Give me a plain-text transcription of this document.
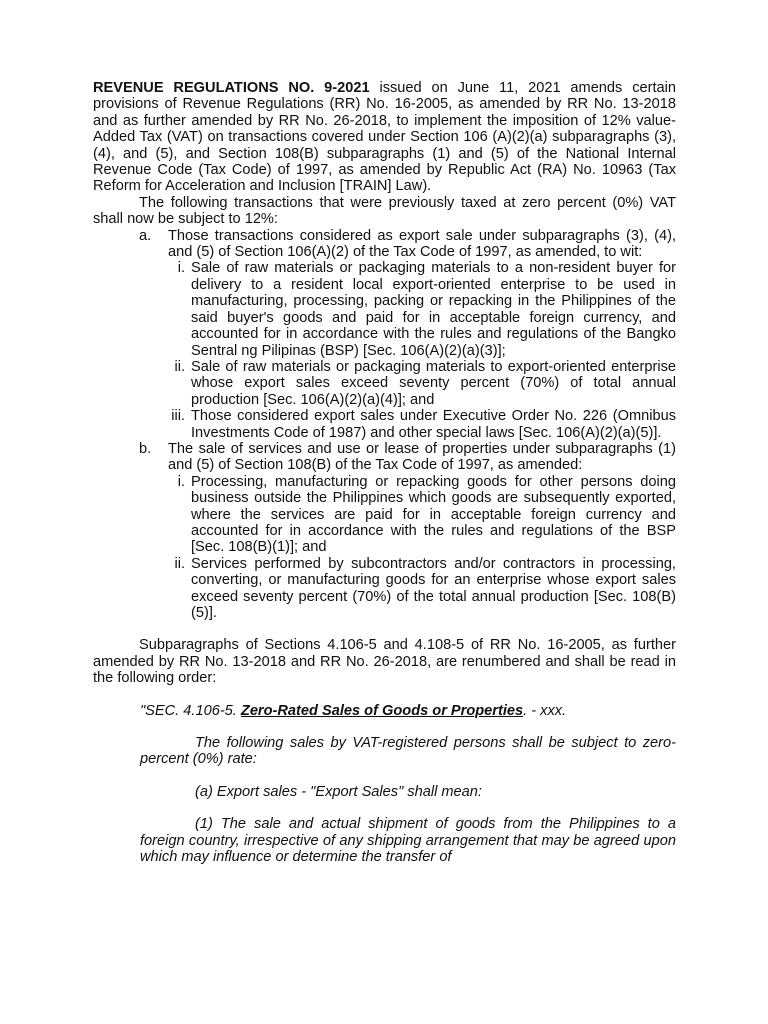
REVENUE REGULATIONS NO. 9-2021 issued on June 11, 2021 amends certain provisions of Revenue Regulations (RR) No. 16-2005, as amended by RR No. 13-2018 and as further amended by RR No. 26-2018, to implement the imposition of 12% value-Added Tax (VAT) on transactions covered under Section 106 (A)(2)(a) subparagraphs (3), (4), and (5), and Section 108(B) subparagraphs (1) and (5) of the National Internal Revenue Code (Tax Code) of 1997, as amended by Republic Act (RA) No. 10963 (Tax Reform for Acceleration and Inclusion [TRAIN] Law).

The following transactions that were previously taxed at zero percent (0%) VAT shall now be subject to 12%:

a. Those transactions considered as export sale under subparagraphs (3), (4), and (5) of Section 106(A)(2) of the Tax Code of 1997, as amended, to wit:
i. Sale of raw materials or packaging materials to a non-resident buyer for delivery to a resident local export-oriented enterprise to be used in manufacturing, processing, packing or repacking in the Philippines of the said buyer's goods and paid for in acceptable foreign currency, and accounted for in accordance with the rules and regulations of the Bangko Sentral ng Pilipinas (BSP) [Sec. 106(A)(2)(a)(3)];
ii. Sale of raw materials or packaging materials to export-oriented enterprise whose export sales exceed seventy percent (70%) of total annual production [Sec. 106(A)(2)(a)(4)]; and
iii. Those considered export sales under Executive Order No. 226 (Omnibus Investments Code of 1987) and other special laws [Sec. 106(A)(2)(a)(5)].
b. The sale of services and use or lease of properties under subparagraphs (1) and (5) of Section 108(B) of the Tax Code of 1997, as amended:
i. Processing, manufacturing or repacking goods for other persons doing business outside the Philippines which goods are subsequently exported, where the services are paid for in acceptable foreign currency and accounted for in accordance with the rules and regulations of the BSP [Sec. 108(B)(1)]; and
ii. Services performed by subcontractors and/or contractors in processing, converting, or manufacturing goods for an enterprise whose export sales exceed seventy percent (70%) of the total annual production [Sec. 108(B)(5)].

Subparagraphs of Sections 4.106-5 and 4.108-5 of RR No. 16-2005, as further amended by RR No. 13-2018 and RR No. 26-2018, are renumbered and shall be read in the following order:

"SEC. 4.106-5. Zero-Rated Sales of Goods or Properties. - xxx.

The following sales by VAT-registered persons shall be subject to zero-percent (0%) rate:

(a) Export sales - "Export Sales" shall mean:

(1) The sale and actual shipment of goods from the Philippines to a foreign country, irrespective of any shipping arrangement that may be agreed upon which may influence or determine the transfer of
